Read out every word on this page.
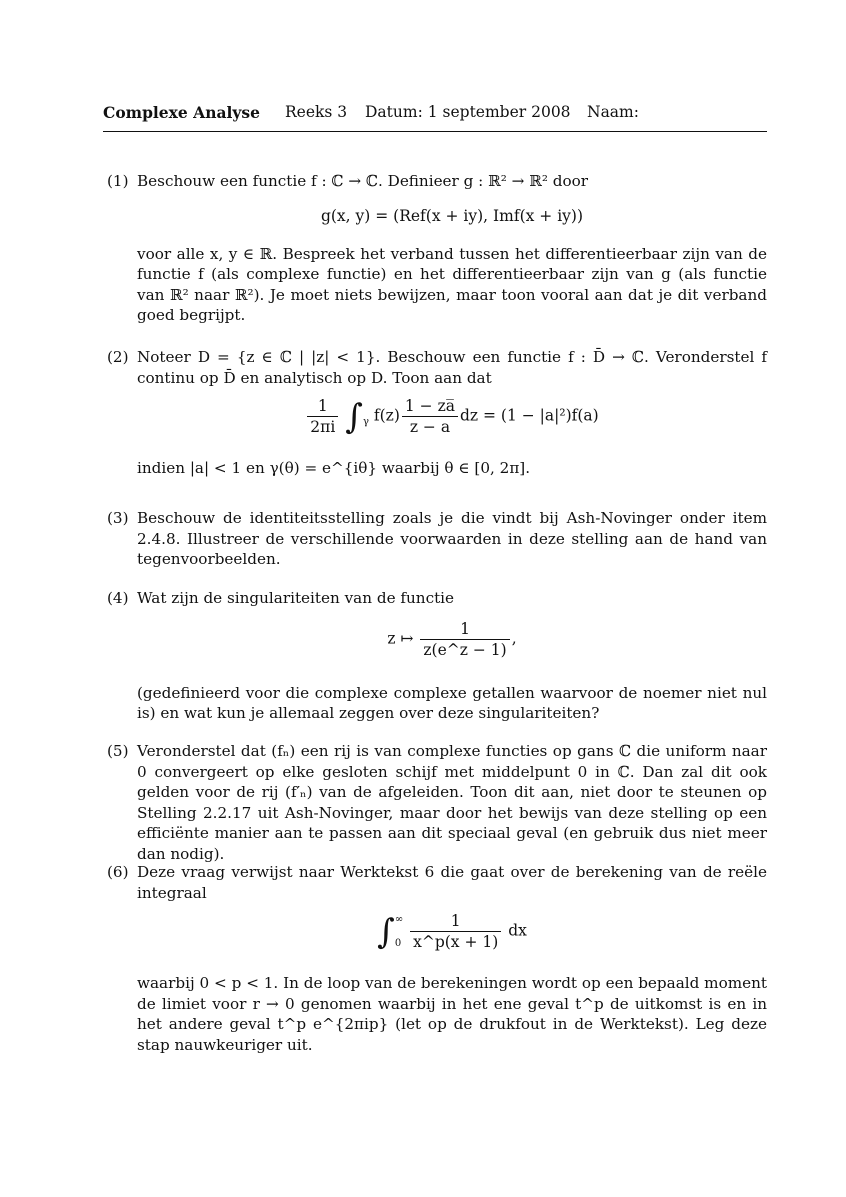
Complexe Analyse Reeks 3 Datum: 1 september 2008 Naam:
(1) Beschouw een functie f : ℂ → ℂ. Definieer g : ℝ² → ℝ² door

g(x, y) = (Ref(x + iy), Imf(x + iy))

voor alle x, y ∈ ℝ. Bespreek het verband tussen het differentieerbaar zijn van de functie f (als complexe functie) en het differentieerbaar zijn van g (als functie van ℝ² naar ℝ²). Je moet niets bewijzen, maar toon vooral aan dat je dit verband goed begrijpt.

(2) Noteer D = {z ∈ ℂ | |z| < 1}. Beschouw een functie f : D̄ → ℂ. Veronderstel f continu op D̄ en analytisch op D. Toon aan dat

$\frac{1}{2\pi i} \int_\gamma$ $f(z) \frac{1 - za̅}{z - a}$ dz = (1 − |a|²)f(a)

indien |a| < 1 en γ(θ) = e^{iθ} waarbij θ ∈ [0, 2π].

(3) Beschouw de identiteitsstelling zoals je die vindt bij Ash-Novinger onder item 2.4.8. Illustreer de verschillende voorwaarden in deze stelling aan de hand van tegenvoorbeelden.

(4) Wat zijn de singulariteiten van de functie

z ↦ $\frac{1}{z(e\^{}z - 1)}$ ,

(gedefinieerd voor die complexe complexe getallen waarvoor de noemer niet nul is) en wat kun je allemaal zeggen over deze singulariteiten?

(5) Veronderstel dat (fₙ) een rij is van complexe functies op gans ℂ die uniform naar 0 convergeert op elke gesloten schijf met middelpunt 0 in ℂ. Dan zal dit ook gelden voor de rij (f′ₙ) van de afgeleiden. Toon dit aan, niet door te steunen op Stelling 2.2.17 uit Ash-Novinger, maar door het bewijs van deze stelling op een efficiënte manier aan te passen aan dit speciaal geval (en gebruik dus niet meer dan nodig).

(6) Deze vraag verwijst naar Werktekst 6 die gaat over de berekening van de reële integraal

∫ ∞
0
$\frac{1}{x\^{}p(x + 1)}$ dx

waarbij 0 < p < 1. In de loop van de berekeningen wordt op een bepaald moment de limiet voor r → 0 genomen waarbij in het ene geval t^p de uitkomst is en in het andere geval t^p e^{2πip} (let op de drukfout in de Werktekst). Leg deze stap nauwkeuriger uit.
